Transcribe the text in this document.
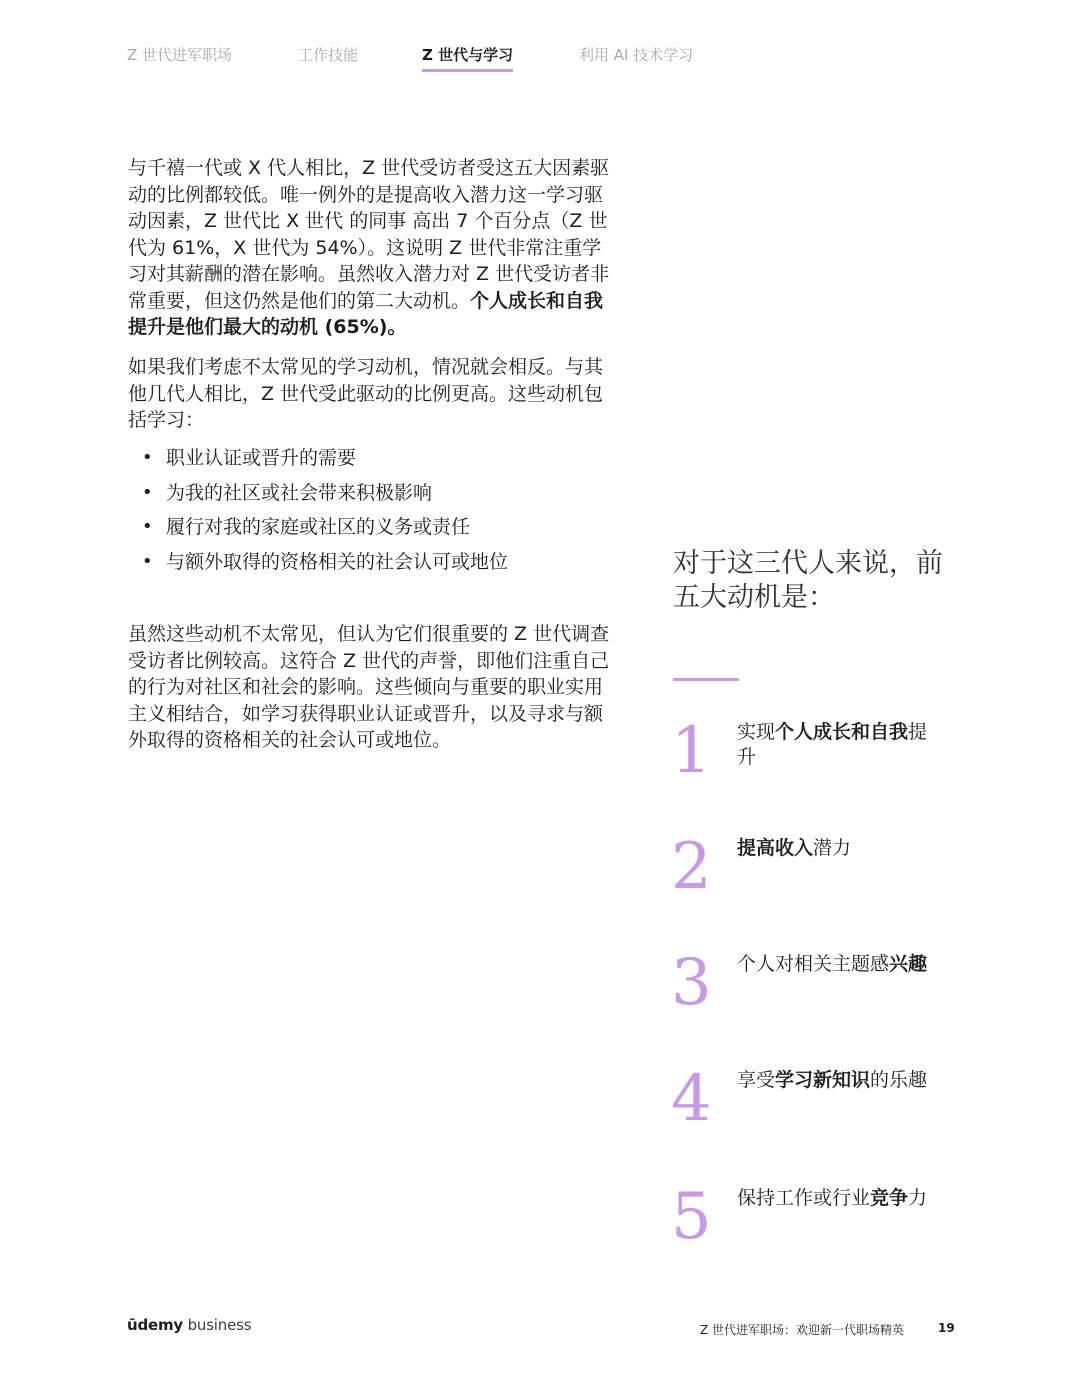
Z 世代进军职场	工作技能	Z 世代与学习	利用 AI 技术学习

与千禧一代或 X 代人相比，Z 世代受访者受这五大因素驱动的比例都较低。唯一例外的是提高收入潜力这一学习驱动因素，Z 世代比 X 世代 的同事 高出 7 个百分点（Z 世代为 61%，X 世代为 54%）。这说明 Z 世代非常注重学习对其薪酬的潜在影响。虽然收入潜力对 Z 世代受访者非常重要，但这仍然是他们的第二大动机。个人成长和自我提升是他们最大的动机 (65%)。

如果我们考虑不太常见的学习动机，情况就会相反。与其他几代人相比，Z 世代受此驱动的比例更高。这些动机包括学习：

• 职业认证或晋升的需要
• 为我的社区或社会带来积极影响
• 履行对我的家庭或社区的义务或责任
• 与额外取得的资格相关的社会认可或地位

虽然这些动机不太常见，但认为它们很重要的 Z 世代调查受访者比例较高。这符合 Z 世代的声誉，即他们注重自己的行为对社区和社会的影响。这些倾向与重要的职业实用主义相结合，如学习获得职业认证或晋升，以及寻求与额外取得的资格相关的社会认可或地位。

对于这三代人来说，前五大动机是：
1 实现个人成长和自我提升
2 提高收入潜力
3 个人对相关主题感兴趣
4 享受学习新知识的乐趣
5 保持工作或行业竞争力
ūdemy business	Z 世代进军职场：欢迎新一代职场精英	19
